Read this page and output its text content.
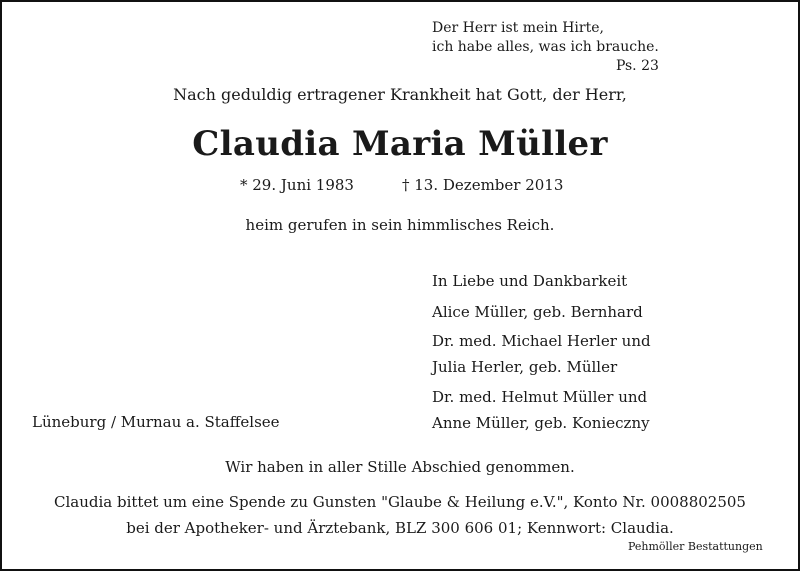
Der Herr ist mein Hirte,
ich habe alles, was ich brauche.

Ps. 23
Nach geduldig ertragener Krankheit hat Gott, der Herr,
Claudia Maria Müller
* 29. Juni 1983	† 13. Dezember 2013
heim gerufen in sein himmlisches Reich.
In Liebe und Dankbarkeit
Alice Müller, geb. Bernhard
Dr. med. Michael Herler und
Julia Herler, geb. Müller
Dr. med. Helmut Müller und
Anne Müller, geb. Konieczny
Lüneburg / Murnau a. Staffelsee
Wir haben in aller Stille Abschied genommen.
Claudia bittet um eine Spende zu Gunsten "Glaube & Heilung e.V.", Konto Nr. 0008802505
bei der Apotheker- und Ärztebank, BLZ 300 606 01; Kennwort: Claudia.
Pehmöller Bestattungen
